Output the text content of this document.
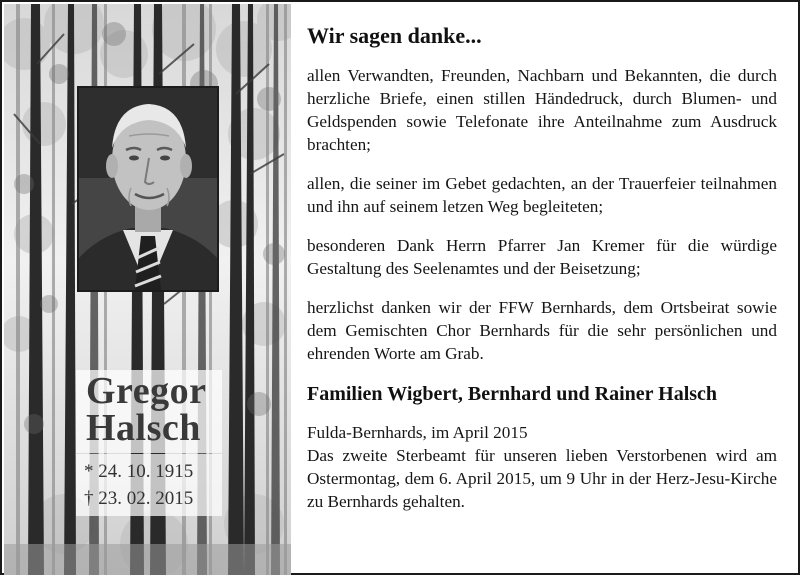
Gregor
Halsch
* 24. 10. 1915
† 23. 02. 2015
Wir sagen danke...

allen Verwandten, Freunden, Nachbarn und Bekannten, die durch herzliche Briefe, einen stillen Händedruck, durch Blumen- und Geldspenden sowie Telefonate ihre Anteilnahme zum Ausdruck brachten;

allen, die seiner im Gebet gedachten, an der Trauerfeier teilnahmen und ihn auf seinem letzen Weg begleiteten;

besonderen Dank Herrn Pfarrer Jan Kremer für die würdige Gestaltung des Seelenamtes und der Beisetzung;

herzlichst danken wir der FFW Bernhards, dem Ortsbeirat sowie dem Gemischten Chor Bernhards für die sehr persönlichen und ehrenden Worte am Grab.

Familien Wigbert, Bernhard und Rainer Halsch

Fulda-Bernhards, im April 2015

Das zweite Sterbeamt für unseren lieben Verstorbenen wird am Ostermontag, dem 6. April 2015, um 9 Uhr in der Herz-Jesu-Kirche zu Bernhards gehalten.
